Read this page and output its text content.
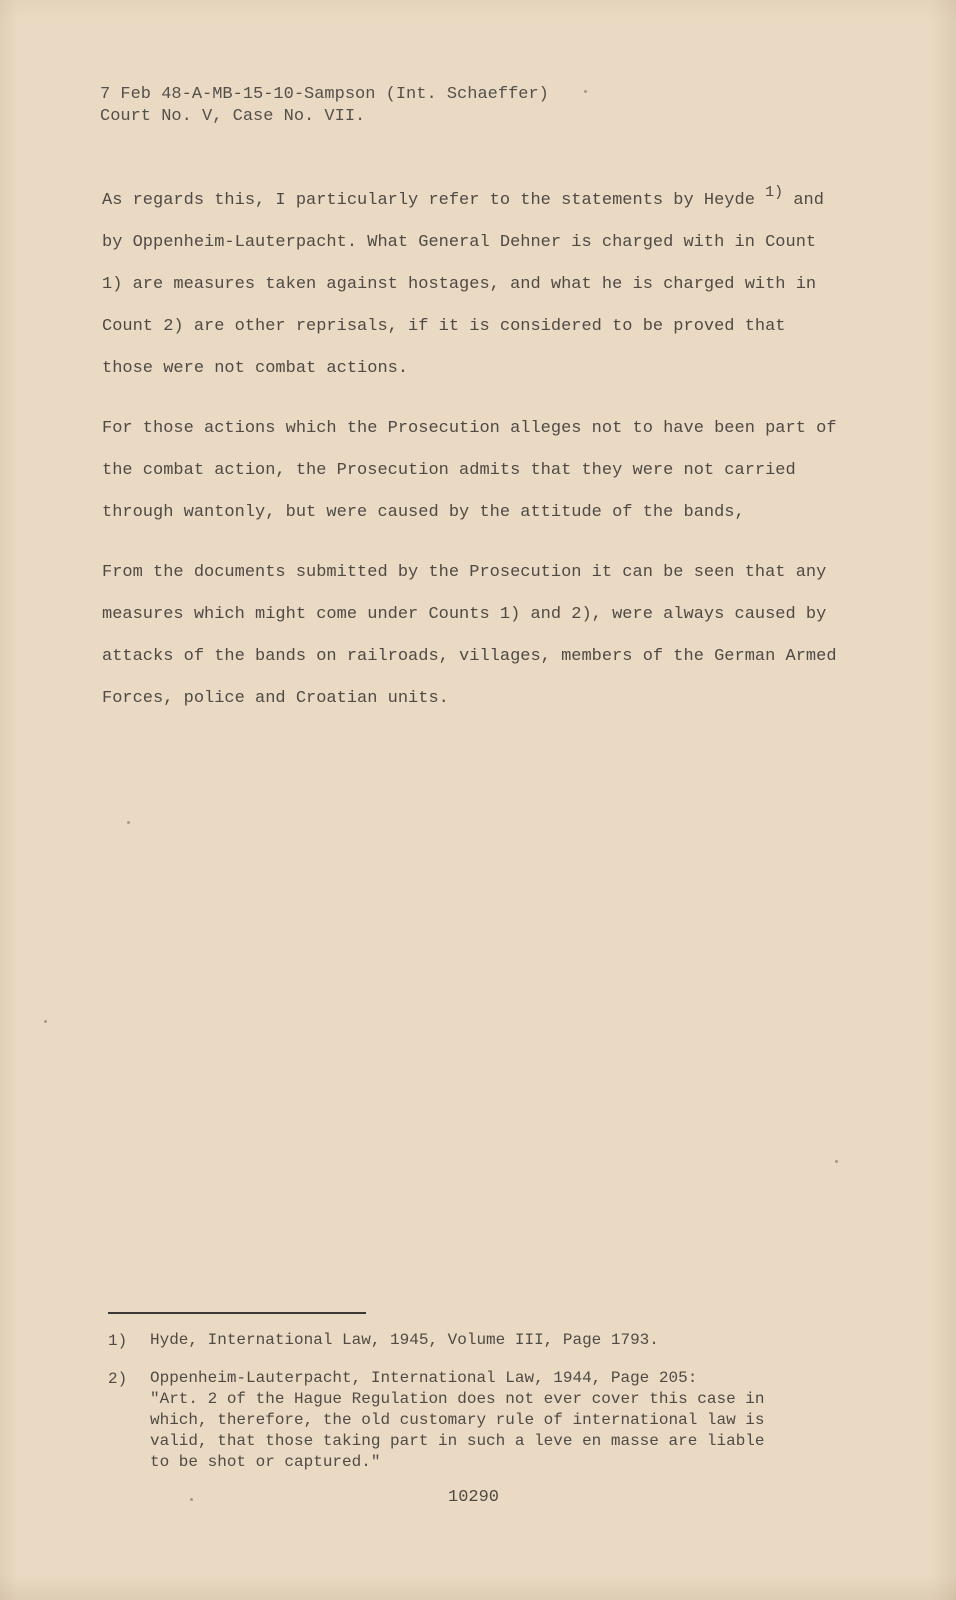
7 Feb 48-A-MB-15-10-Sampson (Int. Schaeffer)
Court No. V, Case No. VII.
As regards this, I particularly refer to the statements by Heyde 1) and
by Oppenheim-Lauterpacht. What General Dehner is charged with in Count
1) are measures taken against hostages, and what he is charged with in
Count 2) are other reprisals, if it is considered to be proved that
those were not combat actions.
For those actions which the Prosecution alleges not to have been part of
the combat action, the Prosecution admits that they were not carried
through wantonly, but were caused by the attitude of the bands,
From the documents submitted by the Prosecution it can be seen that any
measures which might come under Counts 1) and 2), were always caused by
attacks of the bands on railroads, villages, members of the German Armed
Forces, police and Croatian units.
1)	Hyde, International Law, 1945, Volume III, Page 1793.
2)	Oppenheim-Lauterpacht, International Law, 1944, Page 205:
"Art. 2 of the Hague Regulation does not ever cover this case in
which, therefore, the old customary rule of international law is
valid, that those taking part in such a leve en masse are liable
to be shot or captured."
10290
